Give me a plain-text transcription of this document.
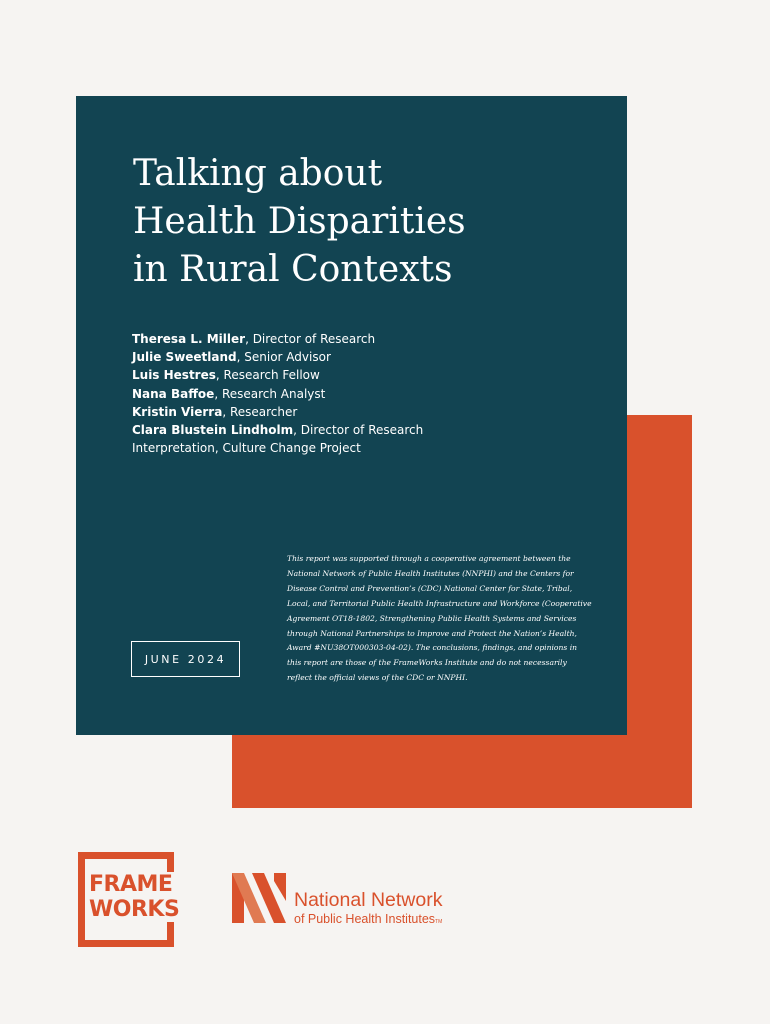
Talking about
Health Disparities
in Rural Contexts
Theresa L. Miller, Director of Research
Julie Sweetland, Senior Advisor
Luis Hestres, Research Fellow
Nana Baffoe, Research Analyst
Kristin Vierra, Researcher
Clara Blustein Lindholm, Director of Research
Interpretation, Culture Change Project
JUNE 2024

This report was supported through a cooperative agreement between the National Network of Public Health Institutes (NNPHI) and the Centers for Disease Control and Prevention’s (CDC) National Center for State, Tribal, Local, and Territorial Public Health Infrastructure and Workforce (Cooperative Agreement OT18-1802, Strengthening Public Health Systems and Services through National Partnerships to Improve and Protect the Nation’s Health, Award #NU38OT000303-04-02). The conclusions, findings, and opinions in this report are those of the FrameWorks Institute and do not necessarily reflect the official views of the CDC or NNPHI.

FRAME
WORKS	National Network
of Public Health InstitutesTM
